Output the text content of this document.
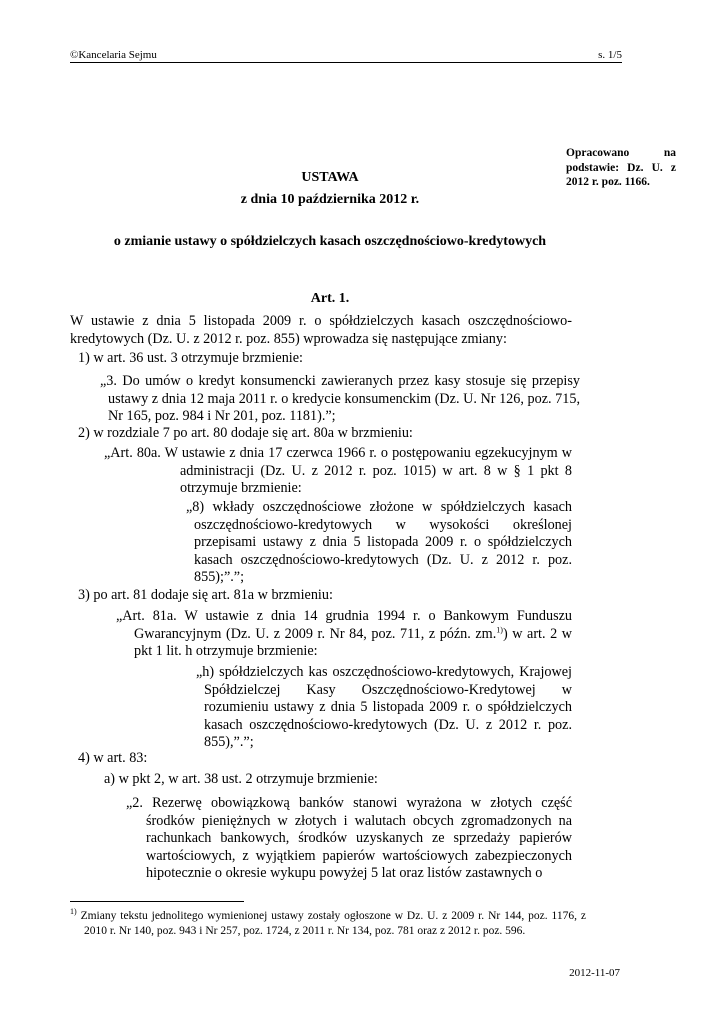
©Kancelaria Sejmu	s. 1/5
Opracowano na podstawie: Dz. U. z 2012 r. poz. 1166.
USTAWA
z dnia 10 października 2012 r.
o zmianie ustawy o spółdzielczych kasach oszczędnościowo-kredytowych
Art. 1.
W ustawie z dnia 5 listopada 2009 r. o spółdzielczych kasach oszczędnościowo-kredytowych (Dz. U. z 2012 r. poz. 855) wprowadza się następujące zmiany:
1) w art. 36 ust. 3 otrzymuje brzmienie:
„3. Do umów o kredyt konsumencki zawieranych przez kasy stosuje się przepisy ustawy z dnia 12 maja 2011 r. o kredycie konsumenckim (Dz. U. Nr 126, poz. 715, Nr 165, poz. 984 i Nr 201, poz. 1181).”;
2) w rozdziale 7 po art. 80 dodaje się art. 80a w brzmieniu:
„Art. 80a. W ustawie z dnia 17 czerwca 1966 r. o postępowaniu egzekucyjnym w administracji (Dz. U. z 2012 r. poz. 1015) w art. 8 w § 1 pkt 8 otrzymuje brzmienie:
„8) wkłady oszczędnościowe złożone w spółdzielczych kasach oszczędnościowo-kredytowych w wysokości określonej przepisami ustawy z dnia 5 listopada 2009 r. o spółdzielczych kasach oszczędnościowo-kredytowych (Dz. U. z 2012 r. poz. 855);”.”;
3) po art. 81 dodaje się art. 81a w brzmieniu:
„Art. 81a. W ustawie z dnia 14 grudnia 1994 r. o Bankowym Funduszu Gwarancyjnym (Dz. U. z 2009 r. Nr 84, poz. 711, z późn. zm.$^{1)}$) w art. 2 w pkt 1 lit. h otrzymuje brzmienie:
„h) spółdzielczych kas oszczędnościowo-kredytowych, Krajowej Spółdzielczej Kasy Oszczędnościowo-Kredytowej w rozumieniu ustawy z dnia 5 listopada 2009 r. o spółdzielczych kasach oszczędnościowo-kredytowych (Dz. U. z 2012 r. poz. 855),”.”;
4) w art. 83:
a) w pkt 2, w art. 38 ust. 2 otrzymuje brzmienie:
„2. Rezerwę obowiązkową banków stanowi wyrażona w złotych część środków pieniężnych w złotych i walutach obcych zgromadzonych na rachunkach bankowych, środków uzyskanych ze sprzedaży papierów wartościowych, z wyjątkiem papierów wartościowych zabezpieczonych hipotecznie o okresie wykupu powyżej 5 lat oraz listów zastawnych o
$^{1)}$ Zmiany tekstu jednolitego wymienionej ustawy zostały ogłoszone w Dz. U. z 2009 r. Nr 144, poz. 1176, z 2010 r. Nr 140, poz. 943 i Nr 257, poz. 1724, z 2011 r. Nr 134, poz. 781 oraz z 2012 r. poz. 596.
2012-11-07
